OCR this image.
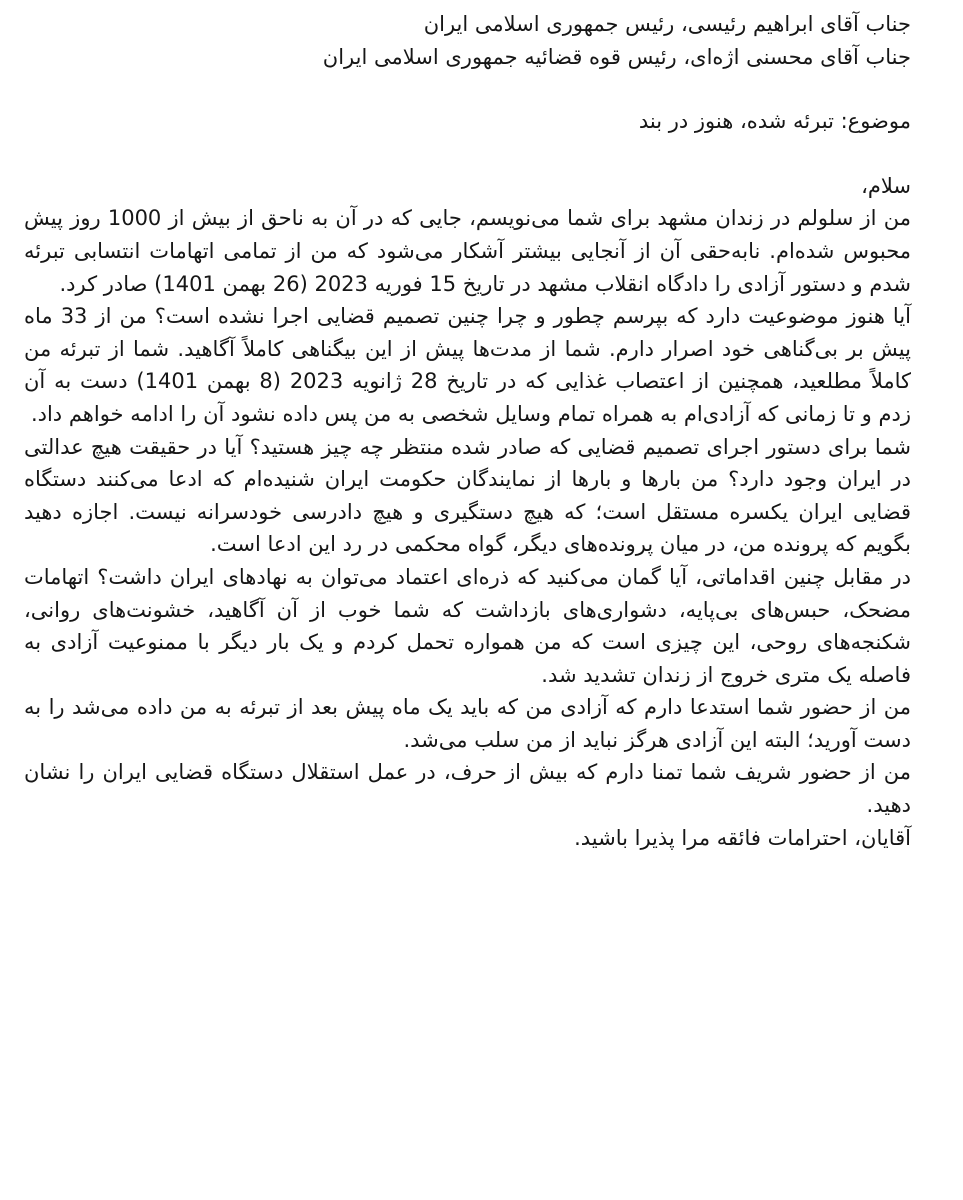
جناب آقای ابراهیم رئیسی، رئیس جمهوری اسلامی ایران
جناب آقای محسنی اژه‌ای، رئیس قوه قضائیه جمهوری اسلامی ایران
موضوع: تبرئه شده، هنوز در بند
سلام،
من از سلولم در زندان مشهد برای شما می‌نویسم، جایی که در آن به ناحق از بیش از 1000 روز پیش محبوس شده‌ام. نابه‌حقی آن از آنجایی بیشتر آشکار می‌شود که من از تمامی اتهامات انتسابی تبرئه شدم و دستور آزادی را دادگاه انقلاب مشهد در تاریخ 15 فوریه 2023 (26 بهمن 1401) صادر کرد.
آیا هنوز موضوعیت دارد که بپرسم چطور و چرا چنین تصمیم قضایی اجرا نشده است؟ من از 33 ماه پیش بر بی‌گناهی خود اصرار دارم. شما از مدت‌ها پیش از این بیگناهی کاملاً آگاهید. شما از تبرئه من کاملاً مطلعید، همچنین از اعتصاب غذایی که در تاریخ 28 ژانویه 2023 (8 بهمن 1401) دست به آن زدم و تا زمانی که آزادی‌ام به همراه تمام وسایل شخصی به من پس داده نشود آن را ادامه خواهم داد.
شما برای دستور اجرای تصمیم قضایی که صادر شده منتظر چه چیز هستید؟ آیا در حقیقت هیچ عدالتی در ایران وجود دارد؟ من بارها و بارها از نمایندگان حکومت ایران شنیده‌ام که ادعا می‌کنند دستگاه قضایی ایران یکسره مستقل است؛ که هیچ دستگیری و هیچ دادرسی خودسرانه نیست. اجازه دهید بگویم که پرونده من، در میان پرونده‌های دیگر، گواه محکمی در رد این ادعا است.
در مقابل چنین اقداماتی، آیا گمان می‌کنید که ذره‌ای اعتماد می‌توان به نهادهای ایران داشت؟ اتهامات مضحک، حبس‌های بی‌پایه، دشواری‌های بازداشت که شما خوب از آن آگاهید، خشونت‌های روانی، شکنجه‌های روحی، این چیزی است که من همواره تحمل کردم و یک بار دیگر با ممنوعیت آزادی به فاصله یک متری خروج از زندان تشدید شد.
من از حضور شما استدعا دارم که آزادی من که باید یک ماه پیش بعد از تبرئه به من داده می‌شد را به دست آورید؛ البته این آزادی هرگز نباید از من سلب می‌شد.
من از حضور شریف شما تمنا دارم که بیش از حرف، در عمل استقلال دستگاه قضایی ایران را نشان دهید.
آقایان، احترامات فائقه مرا پذیرا باشید.
